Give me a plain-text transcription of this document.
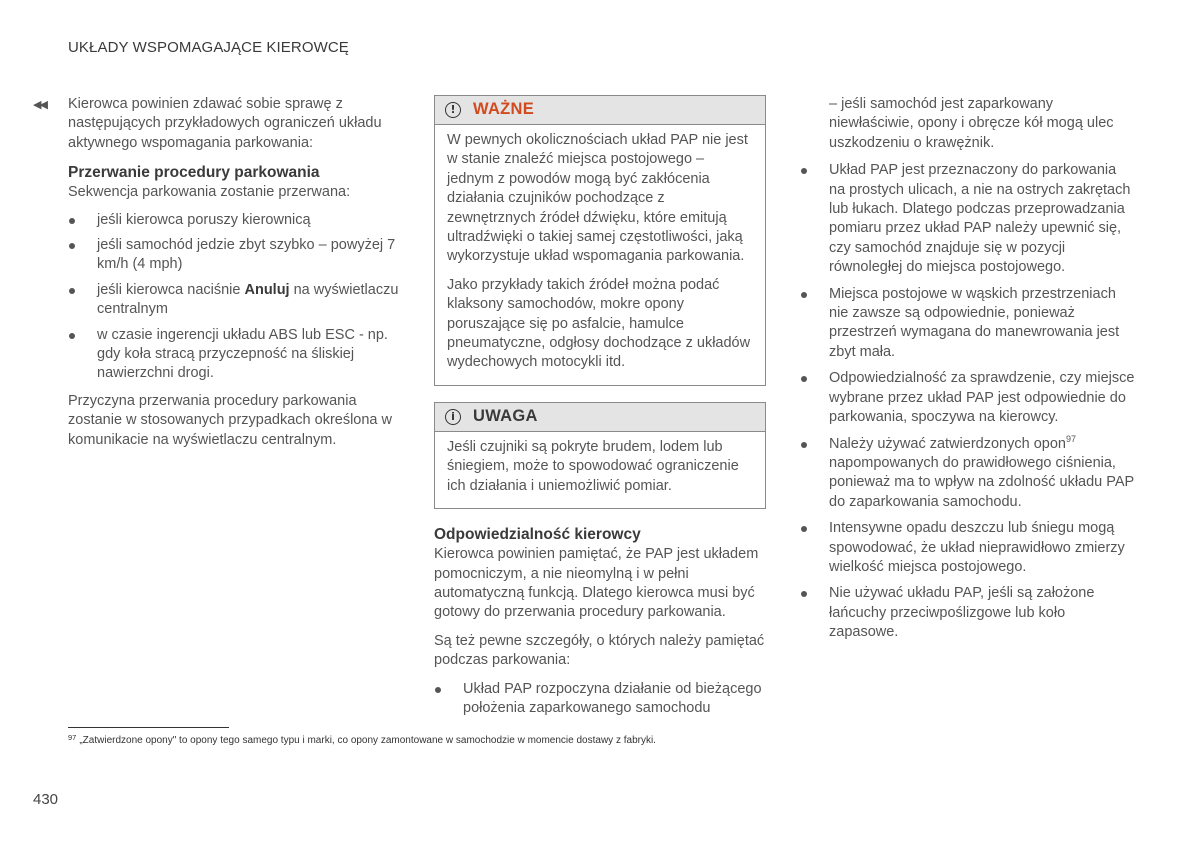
UKŁADY WSPOMAGAJĄCE KIEROWCĘ
◀◀ Kierowca powinien zdawać sobie sprawę z następujących przykładowych ograniczeń układu aktywnego wspomagania parkowania:

Przerwanie procedury parkowania

Sekwencja parkowania zostanie przerwana:

jeśli kierowca poruszy kierownicą
jeśli samochód jedzie zbyt szybko – powyżej 7 km/h (4 mph)
jeśli kierowca naciśnie Anuluj na wyświetlaczu centralnym
w czasie ingerencji układu ABS lub ESC - np. gdy koła stracą przyczepność na śliskiej nawierzchni drogi.

Przyczyna przerwania procedury parkowania zostanie w stosowanych przypadkach określona w komunikacie na wyświetlaczu centralnym.

!	WAŻNE

W pewnych okolicznościach układ PAP nie jest w stanie znaleźć miejsca postojowego – jednym z powodów mogą być zakłócenia działania czujników pochodzące z zewnętrznych źródeł dźwięku, które emitują ultradźwięki o takiej samej częstotliwości, jaką wykorzystuje układ wspomagania parkowania.

Jako przykłady takich źródeł można podać klaksony samochodów, mokre opony poruszające się po asfalcie, hamulce pneumatyczne, odgłosy dochodzące z układów wydechowych motocykli itd.

i	UWAGA

Jeśli czujniki są pokryte brudem, lodem lub śniegiem, może to spowodować ograniczenie ich działania i uniemożliwić pomiar.

Odpowiedzialność kierowcy

Kierowca powinien pamiętać, że PAP jest układem pomocniczym, a nie nieomylną i w pełni automatyczną funkcją. Dlatego kierowca musi być gotowy do przerwania procedury parkowania.

Są też pewne szczegóły, o których należy pamiętać podczas parkowania:

Układ PAP rozpoczyna działanie od bieżącego położenia zaparkowanego samochodu

– jeśli samochód jest zaparkowany niewłaściwie, opony i obręcze kół mogą ulec uszkodzeniu o krawężnik.

Układ PAP jest przeznaczony do parkowania na prostych ulicach, a nie na ostrych zakrętach lub łukach. Dlatego podczas przeprowadzania pomiaru przez układ PAP należy upewnić się, czy samochód znajduje się w pozycji równoległej do miejsca postojowego.
Miejsca postojowe w wąskich przestrzeniach nie zawsze są odpowiednie, ponieważ przestrzeń wymagana do manewrowania jest zbyt mała.
Odpowiedzialność za sprawdzenie, czy miejsce wybrane przez układ PAP jest odpowiednie do parkowania, spoczywa na kierowcy.
Należy używać zatwierdzonych opon$^{97}$ napompowanych do prawidłowego ciśnienia, ponieważ ma to wpływ na zdolność układu PAP do zaparkowania samochodu.
Intensywne opadu deszczu lub śniegu mogą spowodować, że układ nieprawidłowo zmierzy wielkość miejsca postojowego.
Nie używać układu PAP, jeśli są założone łańcuchy przeciwpoślizgowe lub koło zapasowe.
$^{97}$ „Zatwierdzone opony" to opony tego samego typu i marki, co opony zamontowane w samochodzie w momencie dostawy z fabryki.
430
